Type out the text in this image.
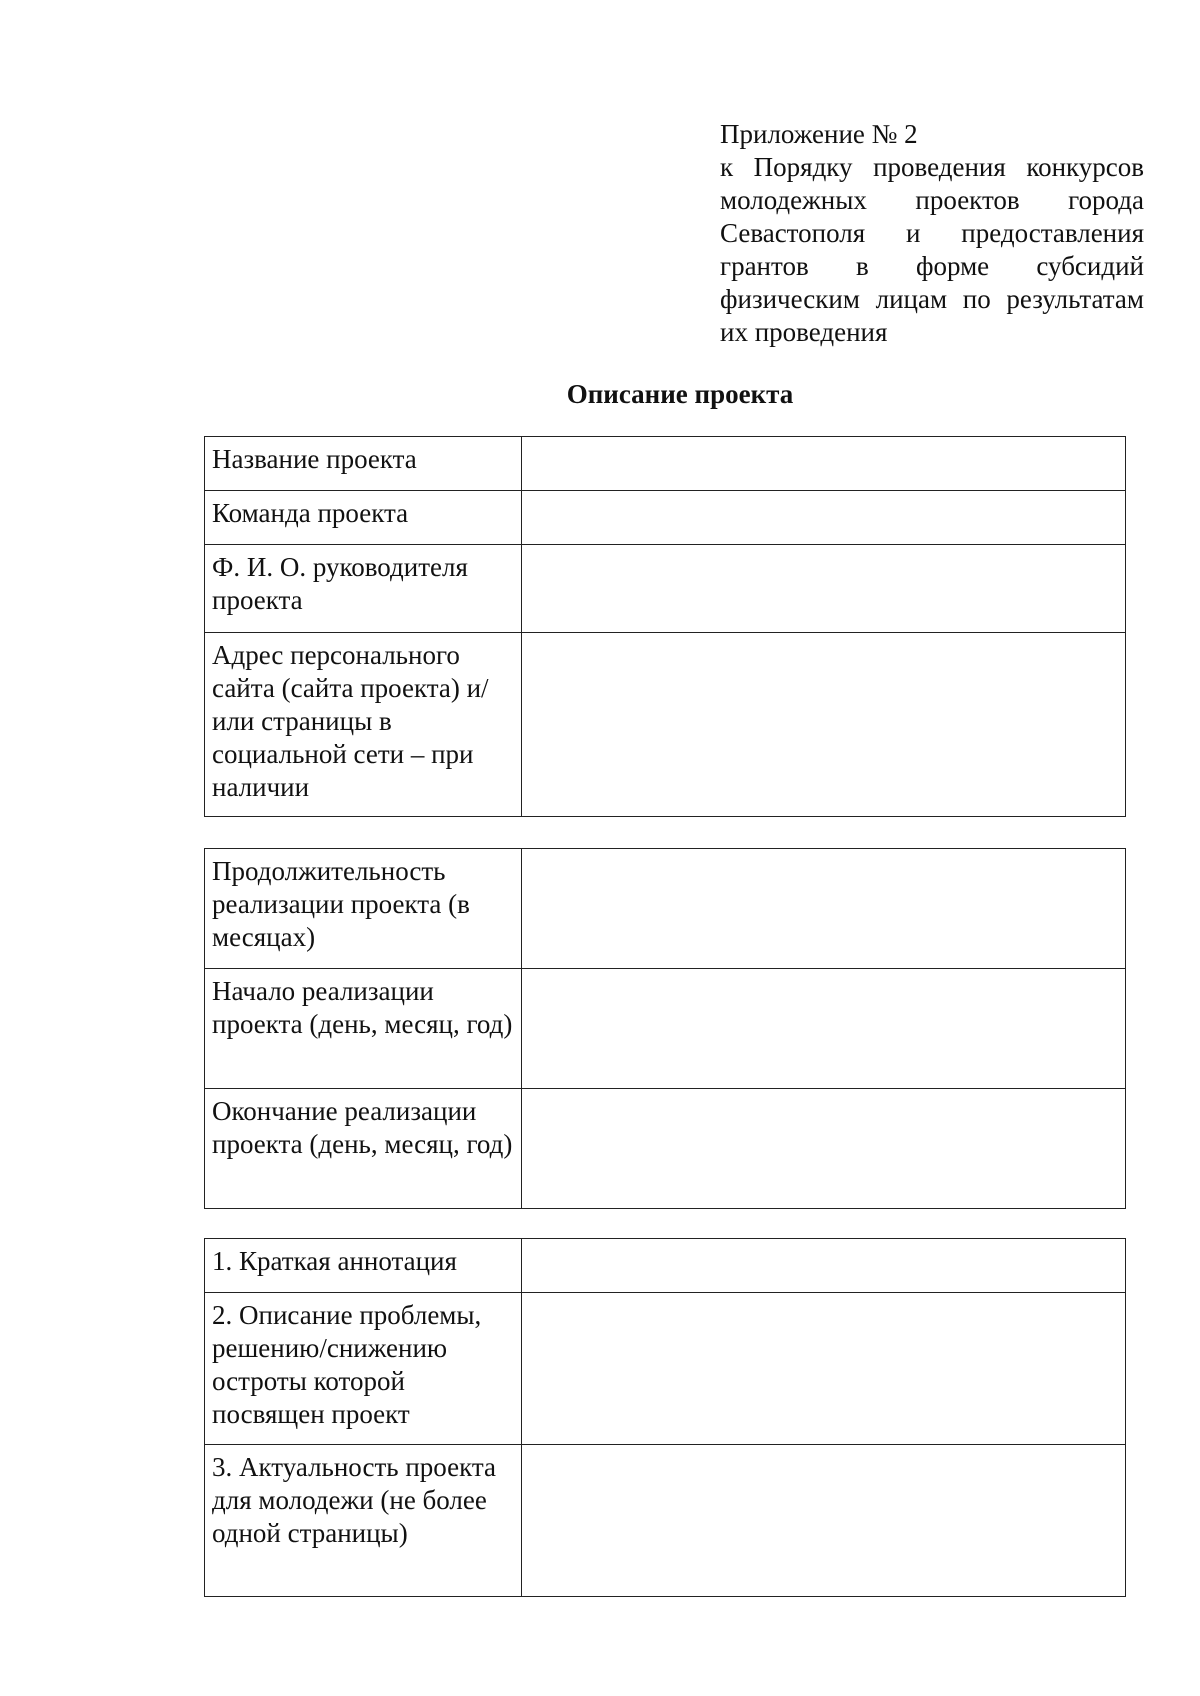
Приложение № 2
к Порядку проведения конкурсов
молодежных проектов города
Севастополя и предоставления
грантов в форме субсидий
физическим лицам по результатам
их проведения
Описание проекта
Название проекта	
Команда проекта	
Ф. И. О. руководителя проекта	
Адрес персонального сайта (сайта проекта) и/или страницы в социальной сети – при наличии	
Продолжительность реализации проекта (в месяцах)	
Начало реализации проекта (день, месяц, год)	
Окончание реализации проекта (день, месяц, год)	
1. Краткая аннотация	
2. Описание проблемы, решению/снижению остроты которой посвящен проект	
3. Актуальность проекта для молодежи (не более одной страницы)	
